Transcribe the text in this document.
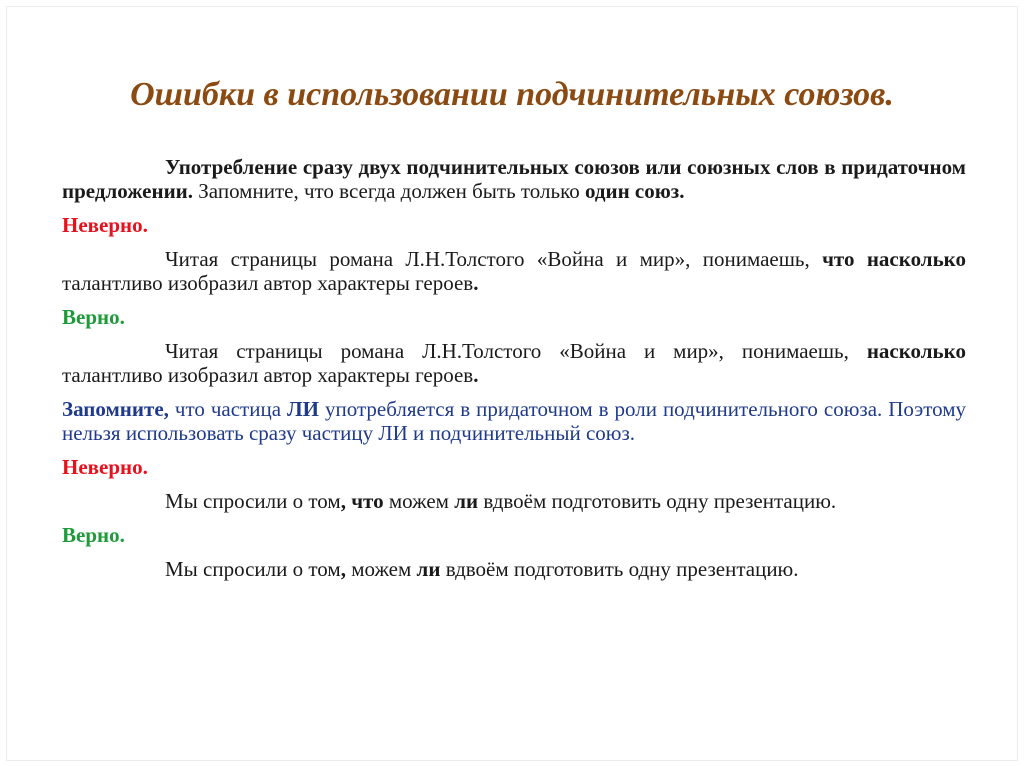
Ошибки в использовании подчинительных союзов.

Употребление сразу двух подчинительных союзов или союзных слов в придаточном предложении. Запомните, что всегда должен быть только один союз.

Неверно.

Читая страницы романа Л.Н.Толстого «Война и мир», понимаешь, что насколько талантливо изобразил автор характеры героев.

Верно.

Читая страницы романа Л.Н.Толстого «Война и мир», понимаешь, насколько талантливо изобразил автор характеры героев.

Запомните, что частица ЛИ употребляется в придаточном в роли подчинительного союза. Поэтому нельзя использовать сразу частицу ЛИ и подчинительный союз.

Неверно.

Мы спросили о том, что можем ли вдвоём подготовить одну презентацию.

Верно.

Мы спросили о том, можем ли вдвоём подготовить одну презентацию.
